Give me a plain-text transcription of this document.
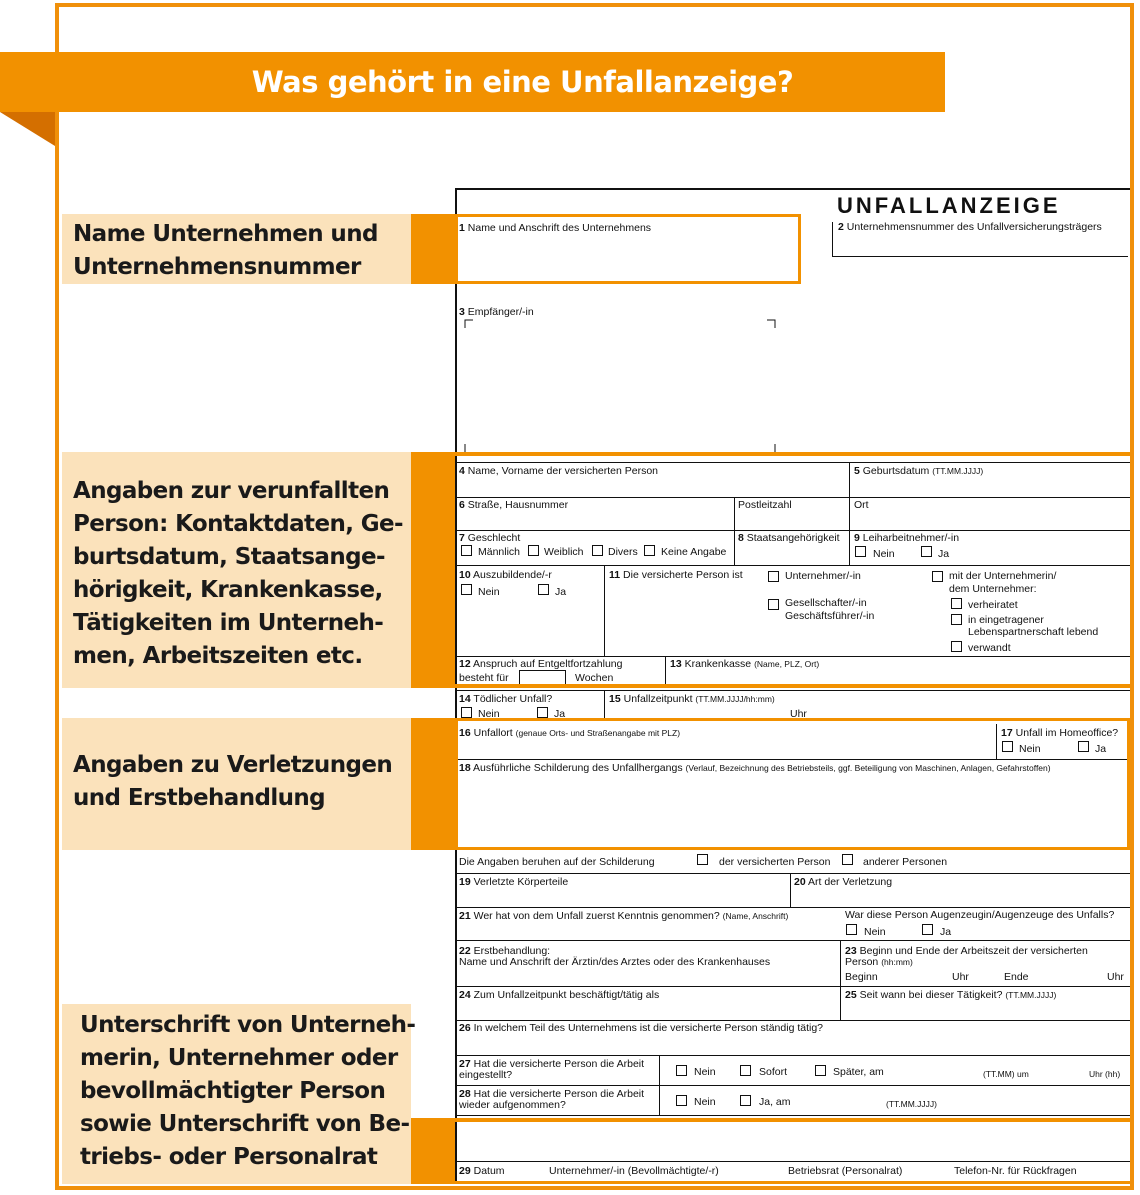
Was gehört in eine Unfallanzeige?
Name Unternehmen und
Unternehmensnummer
Angaben zur verunfallten
Person: Kontaktdaten, Ge-
burtsdatum, Staatsange-
hörigkeit, Krankenkasse,
Tätigkeiten im Unterneh-
men, Arbeitszeiten etc.
Angaben zu Verletzungen
und Erstbehandlung
Unterschrift von Unterneh-
merin, Unternehmer oder
bevollmächtigter Person
sowie Unterschrift von Be-
triebs- oder Personalrat
UNFALLANZEIGE
1 Name und Anschrift des Unternehmens	2 Unternehmensnummer des Unfallversicherungsträgers
3 Empfänger/-in
4 Name, Vorname der versicherten Person	5 Geburtsdatum (TT.MM.JJJJ)
6 Straße, Hausnummer	Postleitzahl	Ort
7 Geschlecht
Männlich Weiblich Divers Keine Angabe
8 Staatsangehörigkeit 9 Leiharbeitnehmer/-in
Nein	Ja
10 Auszubildende/-r
Nein	Ja
11 Die versicherte Person ist	Unternehmer/-in
Gesellschafter/-in
Geschäftsführer/-in
mit der Unternehmerin/
dem Unternehmer:
verheiratet
in eingetragener
Lebenspartnerschaft lebend
verwandt
12 Anspruch auf Entgeltfortzahlung
besteht für	Wochen
13 Krankenkasse (Name, PLZ, Ort)
14 Tödlicher Unfall?
Nein	Ja
15 Unfallzeitpunkt (TT.MM.JJJJ/hh:mm)
Uhr
16 Unfallort (genaue Orts- und Straßenangabe mit PLZ)	17 Unfall im Homeoffice?
Nein	Ja
18 Ausführliche Schilderung des Unfallhergangs (Verlauf, Bezeichnung des Betriebsteils, ggf. Beteiligung von Maschinen, Anlagen, Gefahrstoffen)
Die Angaben beruhen auf der Schilderung	der versicherten Person	anderer Personen
19 Verletzte Körperteile	20 Art der Verletzung
21 Wer hat von dem Unfall zuerst Kenntnis genommen? (Name, Anschrift)	War diese Person Augenzeugin/Augenzeuge des Unfalls?
Nein	Ja
22 Erstbehandlung:
Name und Anschrift der Ärztin/des Arztes oder des Krankenhauses
23 Beginn und Ende der Arbeitszeit der versicherten
Person (hh:mm)
Beginn	Uhr	Ende	Uhr
24 Zum Unfallzeitpunkt beschäftigt/tätig als	25 Seit wann bei dieser Tätigkeit? (TT.MM.JJJJ)
26 In welchem Teil des Unternehmens ist die versicherte Person ständig tätig?
27 Hat die versicherte Person die Arbeit
eingestellt?	Nein	Sofort	Später, am	(TT.MM) um	Uhr (hh)
28 Hat die versicherte Person die Arbeit
wieder aufgenommen?	Nein	Ja, am	(TT.MM.JJJJ)
29 Datum	Unternehmer/-in (Bevollmächtigte/-r)	Betriebsrat (Personalrat)	Telefon-Nr. für Rückfragen
